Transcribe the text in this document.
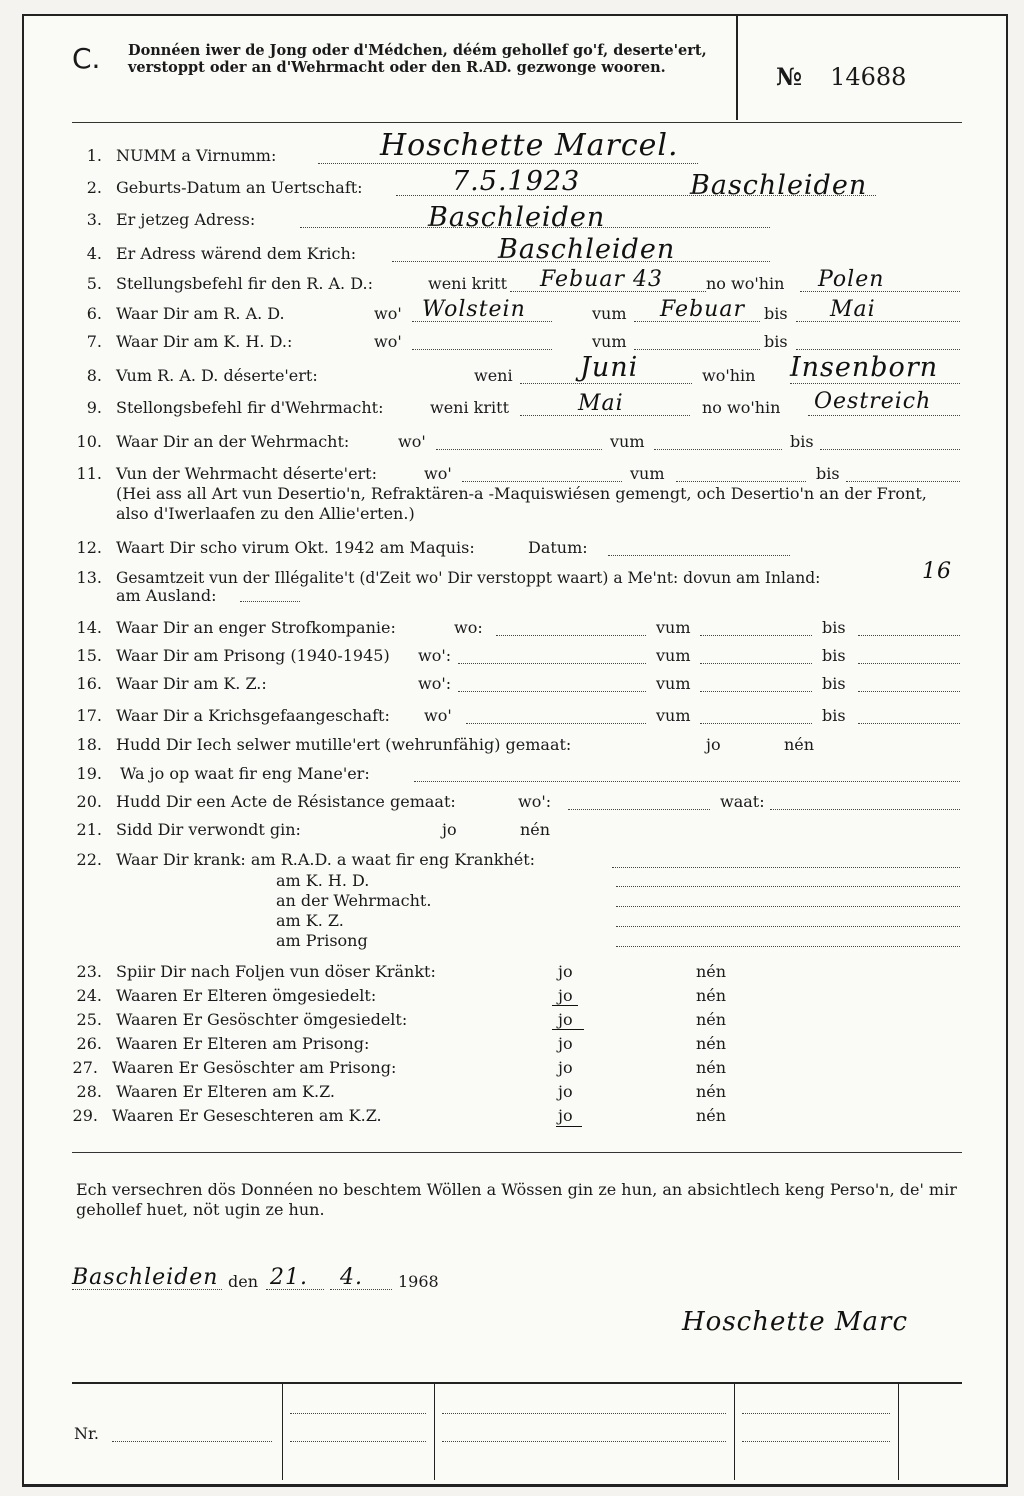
C. Donnéen iwer de Jong oder d'Médchen, déém gehollef go'f, deserte'ert, verstoppt oder an d'Wehrmacht oder den R.AD. gezwonge wooren.	№ 14688
1. NUMM a Virnumm:	Hoschette Marcel.
2. Geburts-Datum an Uertschaft:	7.5.1923	Baschleiden
3. Er jetzeg Adress:	Baschleiden
4. Er Adress wärend dem Krich:	Baschleiden
5. Stellungsbefehl fir den R. A. D.:	weni kritt Febuar 43	no wo'hin Polen
6. Waar Dir am R. A. D.	wo' Wolstein	vum Febuar bis Mai
7. Waar Dir am K. H. D.:	wo'	vum	bis
8. Vum R. A. D. déserte'ert:	weni Juni	wo'hin Insenborn
9. Stellongsbefehl fir d'Wehrmacht:	weni kritt	Mai	no wo'hin Oestreich
10. Waar Dir an der Wehrmacht:	wo'	vum	bis
11. Vun der Wehrmacht déserte'ert:	wo'	vum	bis
(Hei ass all Art vun Desertio'n, Refraktären-a -Maquiswiésen gemengt, och Desertio'n an der Front, also d'Iwerlaafen zu den Allie'erten.)
12. Waart Dir scho virum Okt. 1942 am Maquis:	Datum:
13. Gesamtzeit vun der Illégalite't (d'Zeit wo' Dir verstoppt waart) a Me'nt: dovun am Inland:	16
am Ausland:
14. Waar Dir an enger Strofkompanie:	wo:	vum	bis
15. Waar Dir am Prisong (1940-1945) wo':	vum	bis
16. Waar Dir am K. Z.:	wo':	vum	bis
17. Waar Dir a Krichsgefaangeschaft: wo'	vum	bis
18. Hudd Dir Iech selwer mutille'ert (wehrunfähig) gemaat:	jo	nén
19. Wa jo op waat fir eng Mane'er:
20. Hudd Dir een Acte de Résistance gemaat:	wo':	waat:
21. Sidd Dir verwondt gin:	jo	nén
22. Waar Dir krank: am R.A.D. a waat fir eng Krankhét:
am K. H. D.
an der Wehrmacht.
am K. Z.
am Prisong
23. Spiir Dir nach Foljen vun döser Kränkt:	jo	nén
24. Waaren Er Elteren ömgesiedelt:	jo	nén
25. Waaren Er Gesöschter ömgesiedelt:	jo	nén
26. Waaren Er Elteren am Prisong:	jo	nén
27. Waaren Er Gesöschter am Prisong:	jo	nén
28. Waaren Er Elteren am K.Z.	jo	nén
29. Waaren Er Geseschteren am K.Z.	jo	nén
Ech versechren dös Donnéen no beschtem Wöllen a Wössen gin ze hun, an absichtlech keng Perso'n, de' mir gehollef huet, nöt ugin ze hun.
Baschleiden den 21. 4. 1968
Hoschette Marc
Nr.
